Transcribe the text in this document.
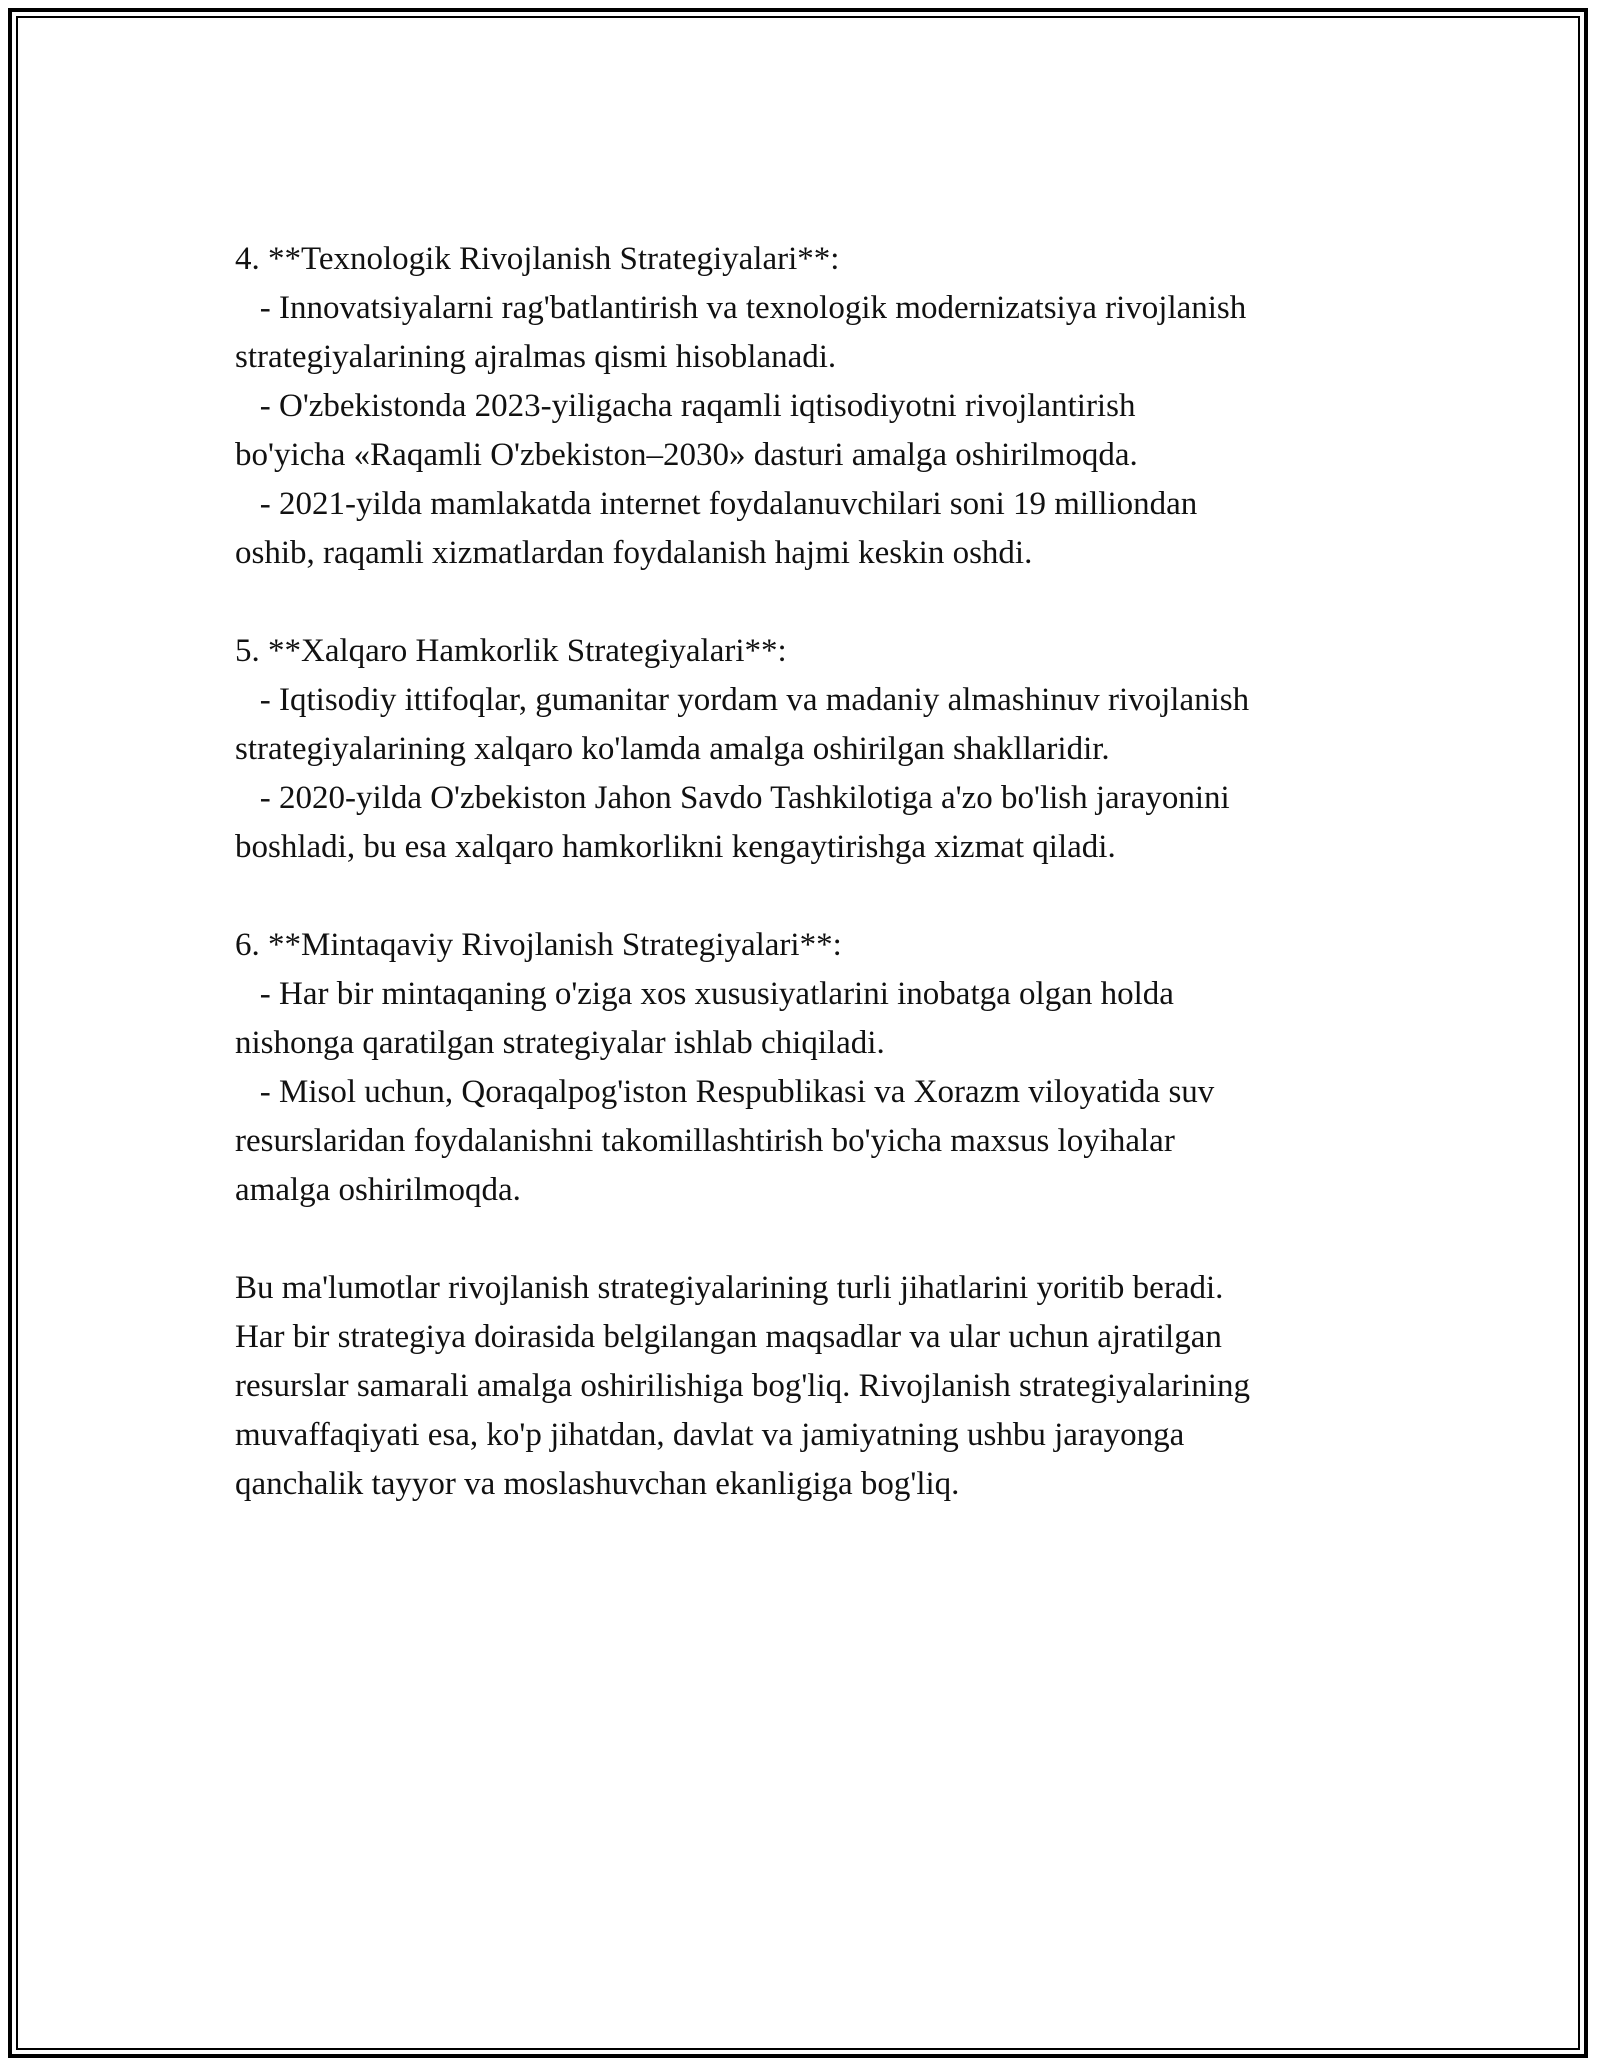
4. **Texnologik Rivojlanish Strategiyalari**:

- Innovatsiyalarni rag'batlantirish va texnologik modernizatsiya rivojlanish
strategiyalarining ajralmas qismi hisoblanadi.
- O'zbekistonda 2023-yiligacha raqamli iqtisodiyotni rivojlantirish
bo'yicha «Raqamli O'zbekiston–2030» dasturi amalga oshirilmoqda.
- 2021-yilda mamlakatda internet foydalanuvchilari soni 19 milliondan
oshib, raqamli xizmatlardan foydalanish hajmi keskin oshdi.

5. **Xalqaro Hamkorlik Strategiyalari**:

- Iqtisodiy ittifoqlar, gumanitar yordam va madaniy almashinuv rivojlanish
strategiyalarining xalqaro ko'lamda amalga oshirilgan shakllaridir.
- 2020-yilda O'zbekiston Jahon Savdo Tashkilotiga a'zo bo'lish jarayonini
boshladi, bu esa xalqaro hamkorlikni kengaytirishga xizmat qiladi.

6. **Mintaqaviy Rivojlanish Strategiyalari**:

- Har bir mintaqaning o'ziga xos xususiyatlarini inobatga olgan holda
nishonga qaratilgan strategiyalar ishlab chiqiladi.
- Misol uchun, Qoraqalpog'iston Respublikasi va Xorazm viloyatida suv
resurslaridan foydalanishni takomillashtirish bo'yicha maxsus loyihalar
amalga oshirilmoqda.
Bu ma'lumotlar rivojlanish strategiyalarining turli jihatlarini yoritib beradi.
Har bir strategiya doirasida belgilangan maqsadlar va ular uchun ajratilgan
resurslar samarali amalga oshirilishiga bog'liq. Rivojlanish strategiyalarining
muvaffaqiyati esa, ko'p jihatdan, davlat va jamiyatning ushbu jarayonga
qanchalik tayyor va moslashuvchan ekanligiga bog'liq.
